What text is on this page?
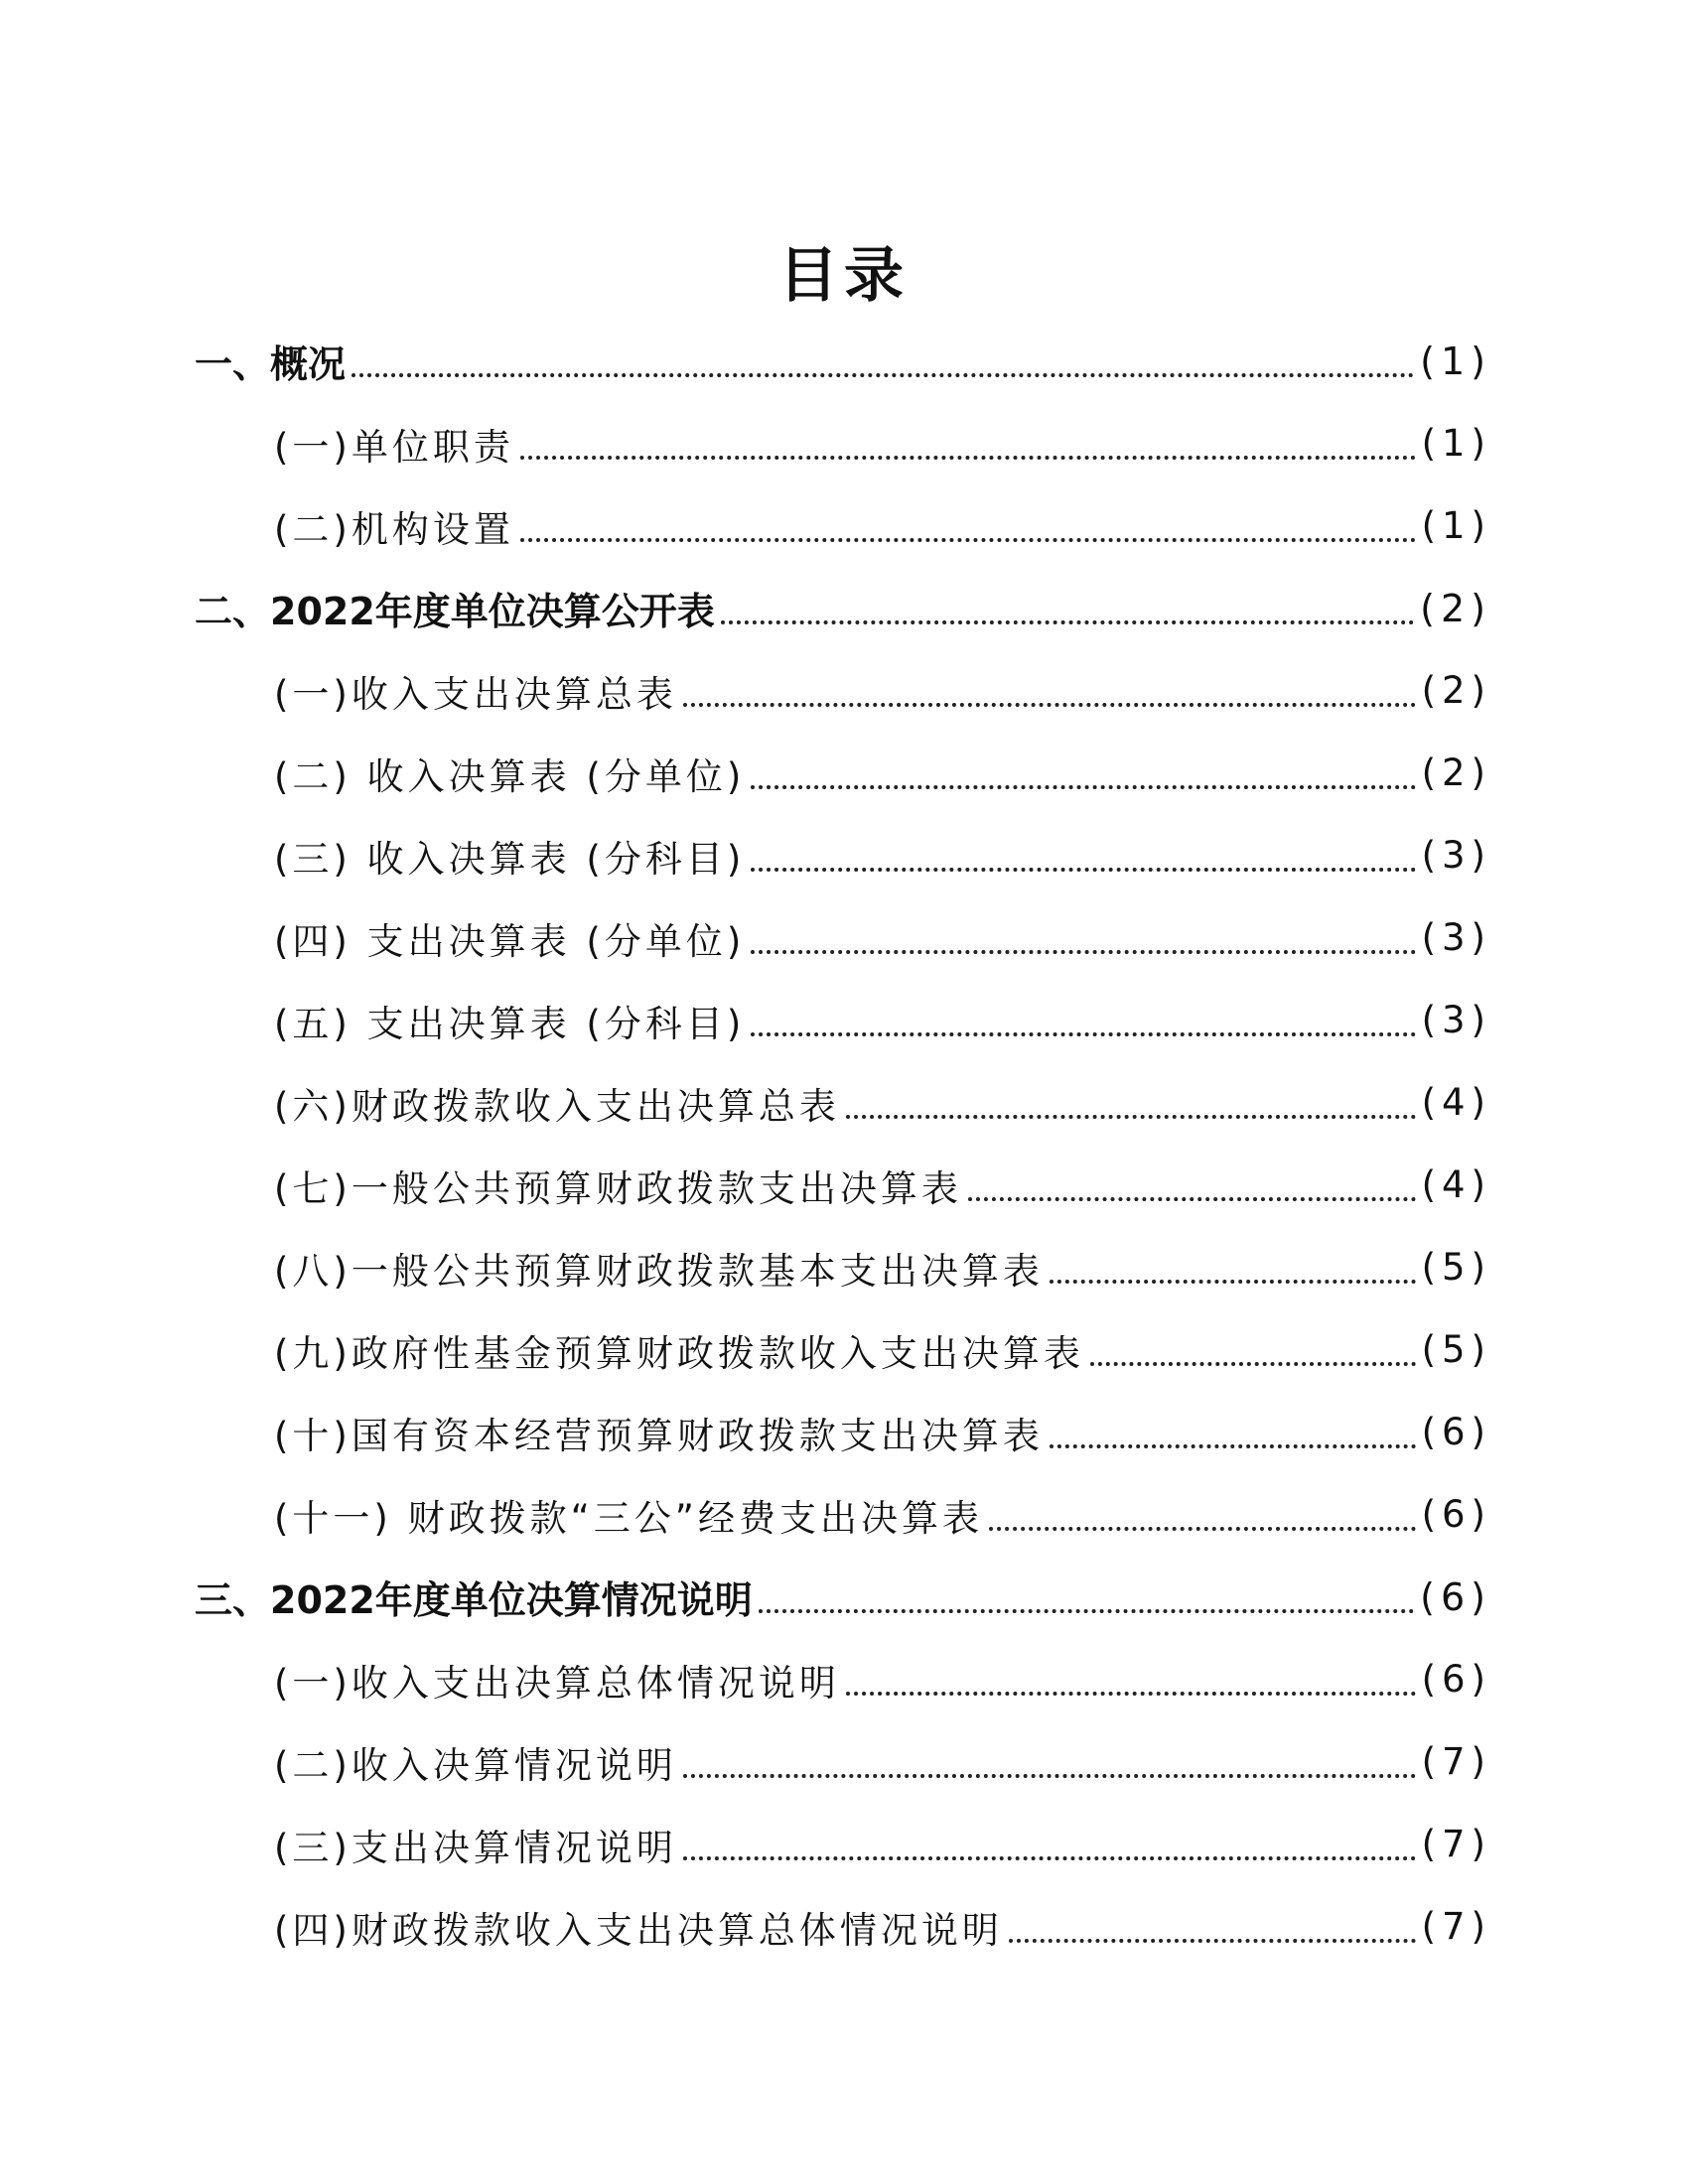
目录
一、概况	(1)
(一)单位职责	(1)
(二)机构设置	(1)
二、2022年度单位决算公开表	(2)
(一)收入支出决算总表	(2)
(二) 收入决算表 (分单位)	(2)
(三) 收入决算表 (分科目)	(3)
(四) 支出决算表 (分单位)	(3)
(五) 支出决算表 (分科目)	(3)
(六)财政拨款收入支出决算总表	(4)
(七)一般公共预算财政拨款支出决算表	(4)
(八)一般公共预算财政拨款基本支出决算表	(5)
(九)政府性基金预算财政拨款收入支出决算表	(5)
(十)国有资本经营预算财政拨款支出决算表	(6)
(十一) 财政拨款“三公”经费支出决算表	(6)
三、2022年度单位决算情况说明	(6)
(一)收入支出决算总体情况说明	(6)
(二)收入决算情况说明	(7)
(三)支出决算情况说明	(7)
(四)财政拨款收入支出决算总体情况说明	(7)
